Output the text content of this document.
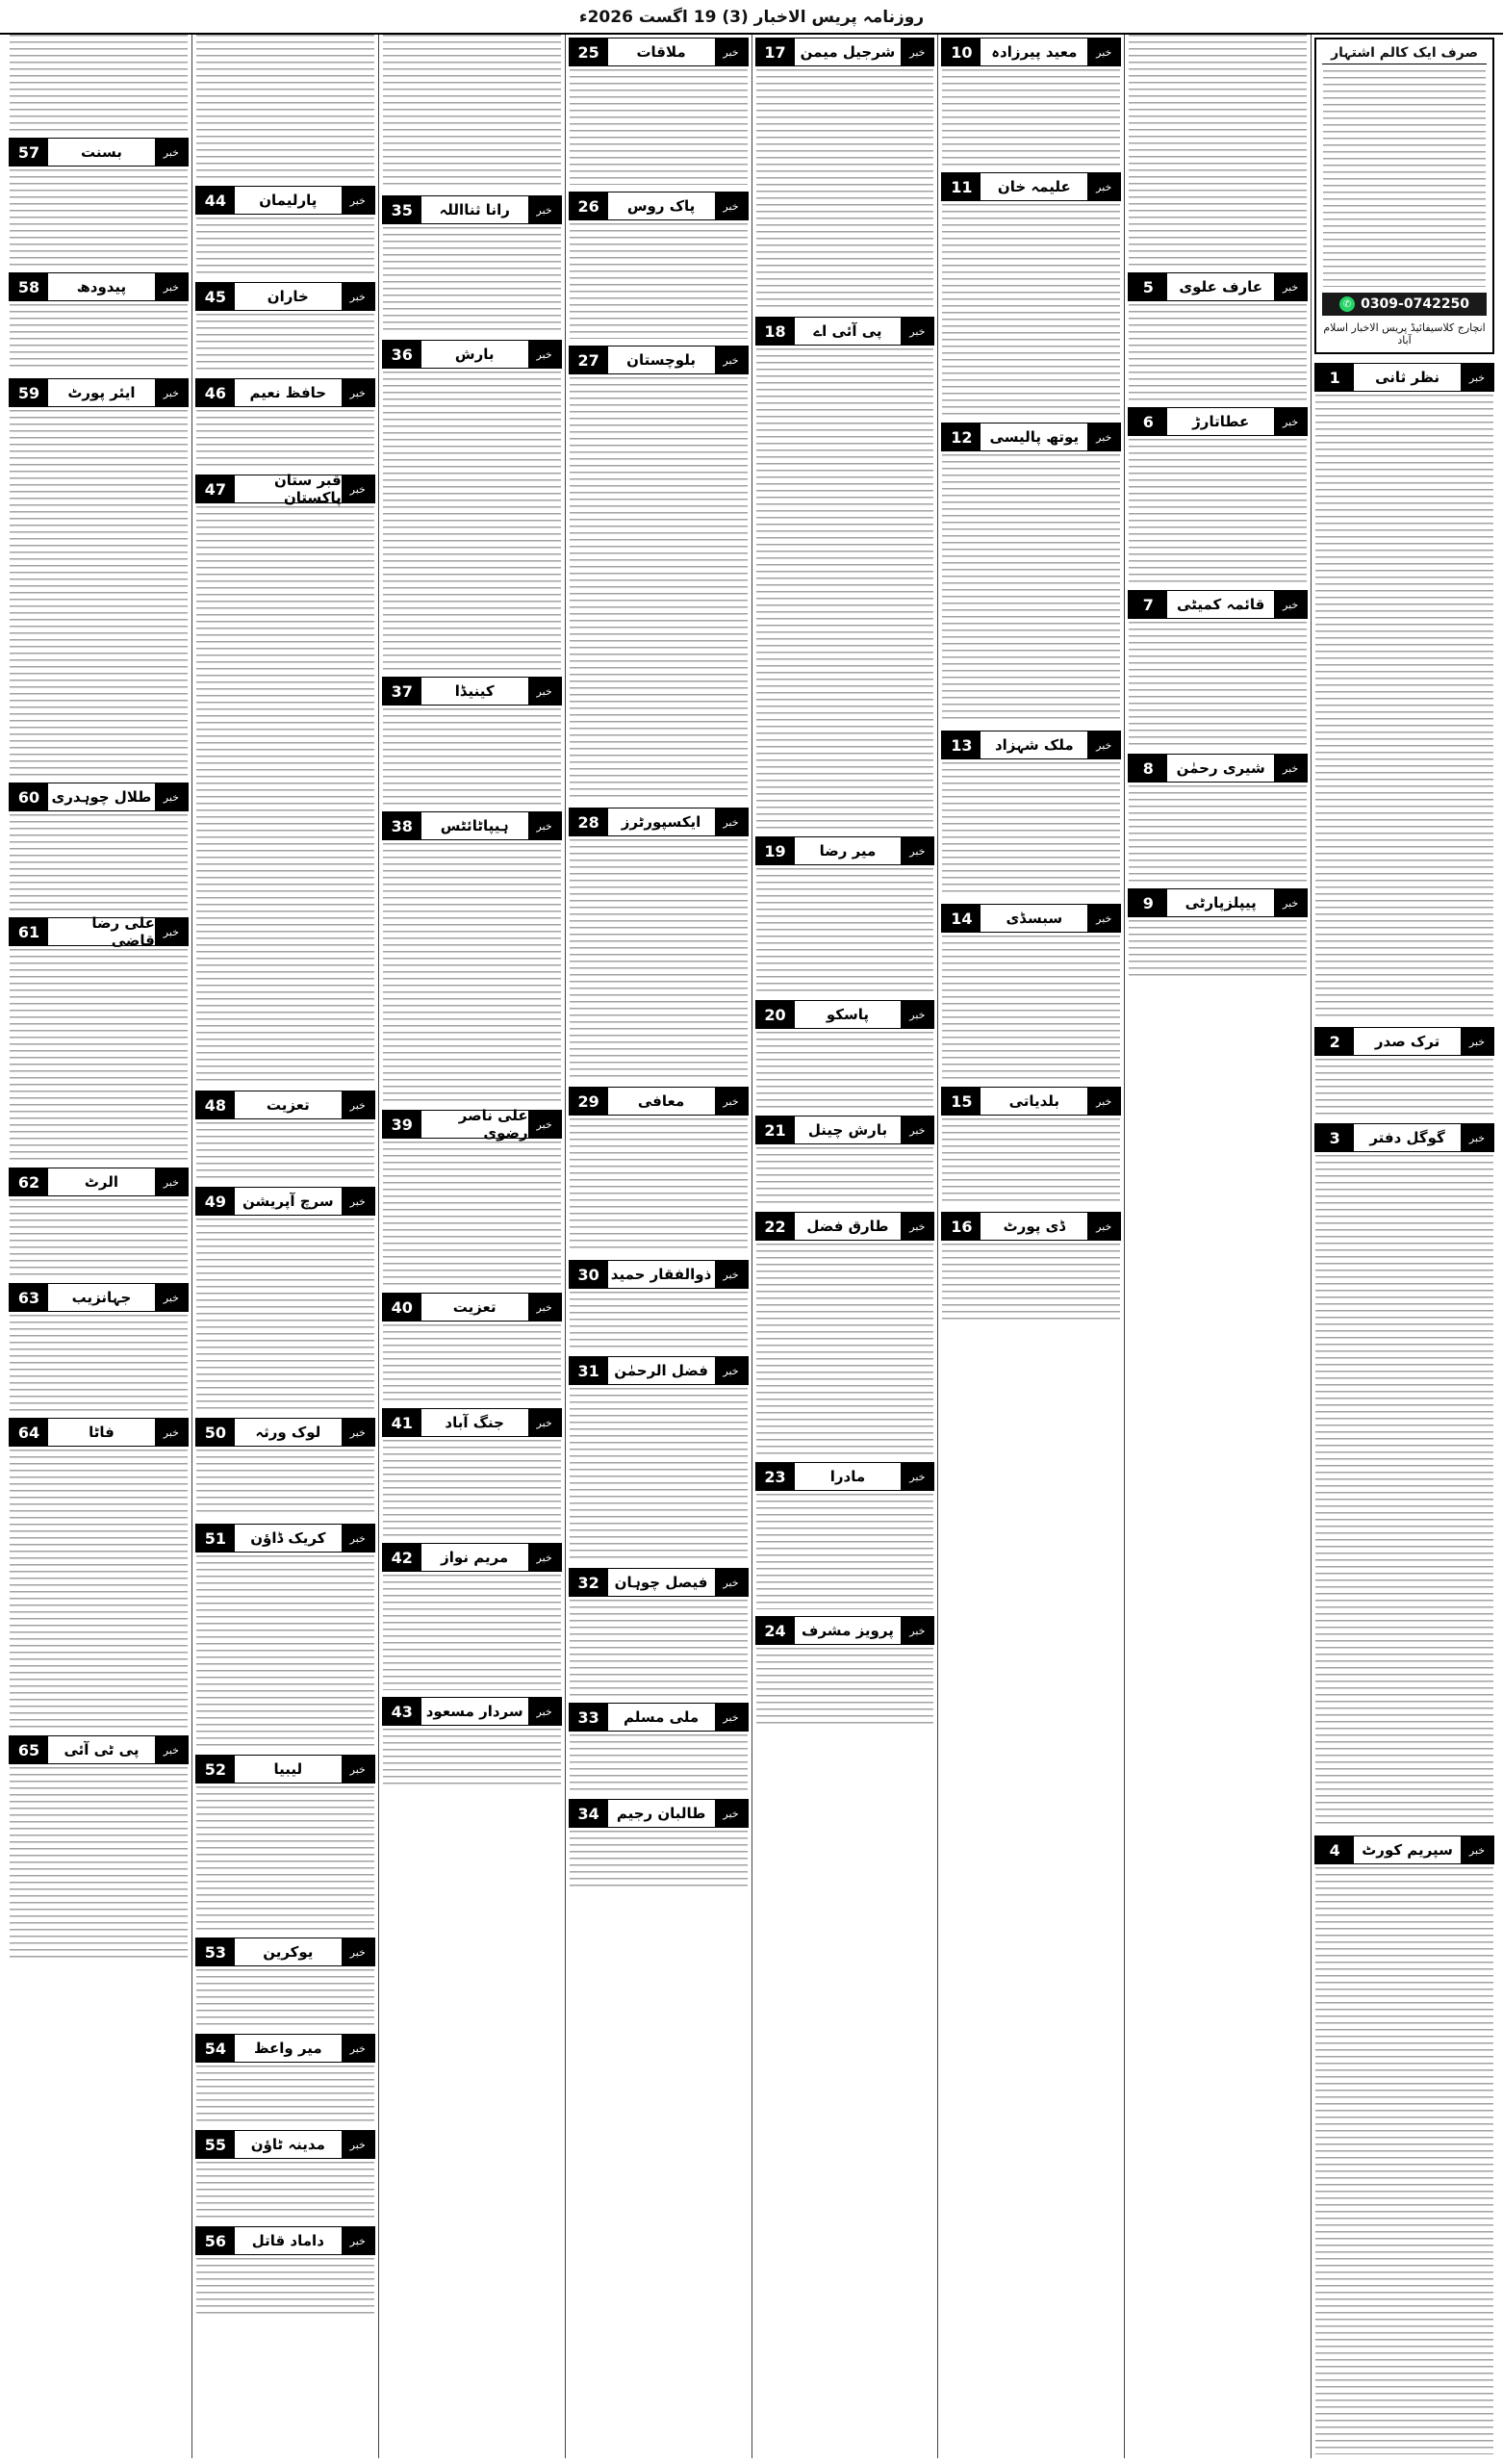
روزنامہ پریس الاخبار (3) 19 اگست 2026ء
صرف ایک کالم اشتہار
✆ 0309-0742250
انچارج کلاسیفائیڈ پریس الاخبار اسلام آباد
خبر
نظر ثانی
1
خبر
ترک صدر
2
خبر
گوگل دفتر
3
خبر
سپریم کورٹ
4
خبر
عارف علوی
5
خبر
عطاتارڑ
6
خبر
قائمہ کمیٹی
7
خبر
شیری رحمٰن
8
خبر
پیپلزپارٹی
9
خبر
معید پیرزادہ
10
خبر
علیمہ خان
11
خبر
یوتھ پالیسی
12
خبر
ملک شہزاد
13
خبر
سبسڈی
14
خبر
بلدیاتی
15
خبر
ڈی پورٹ
16
خبر
شرجیل میمن
17
خبر
پی آئی اے
18
خبر
میر رضا
19
خبر
پاسکو
20
خبر
بارش چینل
21
خبر
طارق فضل
22
خبر
مادرا
23
خبر
پرویز مشرف
24
خبر
ملاقات
25
خبر
پاک روس
26
خبر
بلوچستان
27
خبر
ایکسپورٹرز
28
خبر
معافی
29
خبر
ذوالفقار حمید
30
خبر
فضل الرحمٰن
31
خبر
فیصل چوہان
32
خبر
ملی مسلم
33
خبر
طالبان رجیم
34
خبر
رانا ثنااللہ
35
خبر
بارش
36
خبر
کینیڈا
37
خبر
ہیپاٹائٹس
38
خبر
علی ناصر رضوی
39
خبر
تعزیت
40
خبر
جنگ آباد
41
خبر
مریم نواز
42
خبر
سردار مسعود
43
خبر
پارلیمان
44
خبر
خاران
45
خبر
حافظ نعیم
46
خبر
قبر ستان پاکستان
47
خبر
تعزیت
48
خبر
سرچ آپریشن
49
خبر
لوک ورثہ
50
خبر
کریک ڈاؤن
51
خبر
لیبیا
52
خبر
یوکرین
53
خبر
میر واعظ
54
خبر
مدینہ ٹاؤن
55
خبر
داماد قاتل
56
خبر
بسنت
57
خبر
پیدودھ
58
خبر
ایئر پورٹ
59
خبر
طلال چوہدری
60
خبر
علی رضا قاضی
61
خبر
الرٹ
62
خبر
جہانزیب
63
خبر
فاٹا
64
خبر
پی ٹی آئی
65
